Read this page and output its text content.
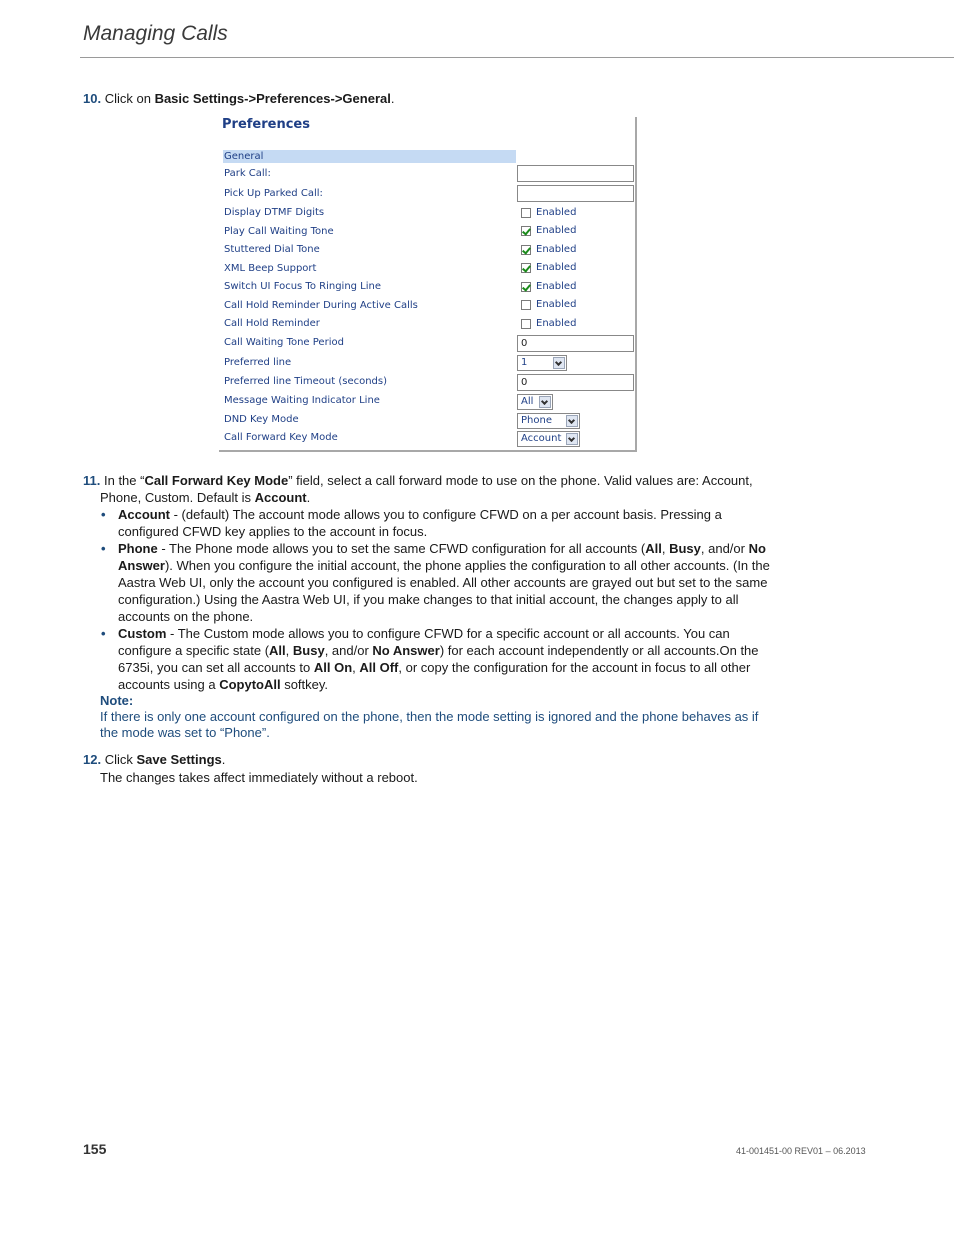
Managing Calls
10. Click on Basic Settings->Preferences->General.
Preferences
General
Park Call:
Pick Up Parked Call:
Display DTMF Digits	Enabled
Play Call Waiting Tone	Enabled
Stuttered Dial Tone	Enabled
XML Beep Support	Enabled
Switch UI Focus To Ringing Line	Enabled
Call Hold Reminder During Active Calls	Enabled
Call Hold Reminder	Enabled
Call Waiting Tone Period	0
Preferred line	1
Preferred line Timeout (seconds)	0
Message Waiting Indicator Line	All
DND Key Mode	Phone
Call Forward Key Mode	Account
11. In the “Call Forward Key Mode” field, select a call forward mode to use on the phone. Valid values are: Account, Phone, Custom. Default is Account.
• Account - (default) The account mode allows you to configure CFWD on a per account basis. Pressing a configured CFWD key applies to the account in focus.
• Phone - The Phone mode allows you to set the same CFWD configuration for all accounts (All, Busy, and/or No Answer). When you configure the initial account, the phone applies the configuration to all other accounts. (In the Aastra Web UI, only the account you configured is enabled. All other accounts are grayed out but set to the same configuration.) Using the Aastra Web UI, if you make changes to that initial account, the changes apply to all accounts on the phone.
• Custom - The Custom mode allows you to configure CFWD for a specific account or all accounts. You can configure a specific state (All, Busy, and/or No Answer) for each account independently or all accounts.On the 6735i, you can set all accounts to All On, All Off, or copy the configuration for the account in focus to all other accounts using a CopytoAll softkey.
Note:
If there is only one account configured on the phone, then the mode setting is ignored and the phone behaves as if the mode was set to “Phone”.
12. Click Save Settings.
The changes takes affect immediately without a reboot.
155	41-001451-00 REV01 – 06.2013
